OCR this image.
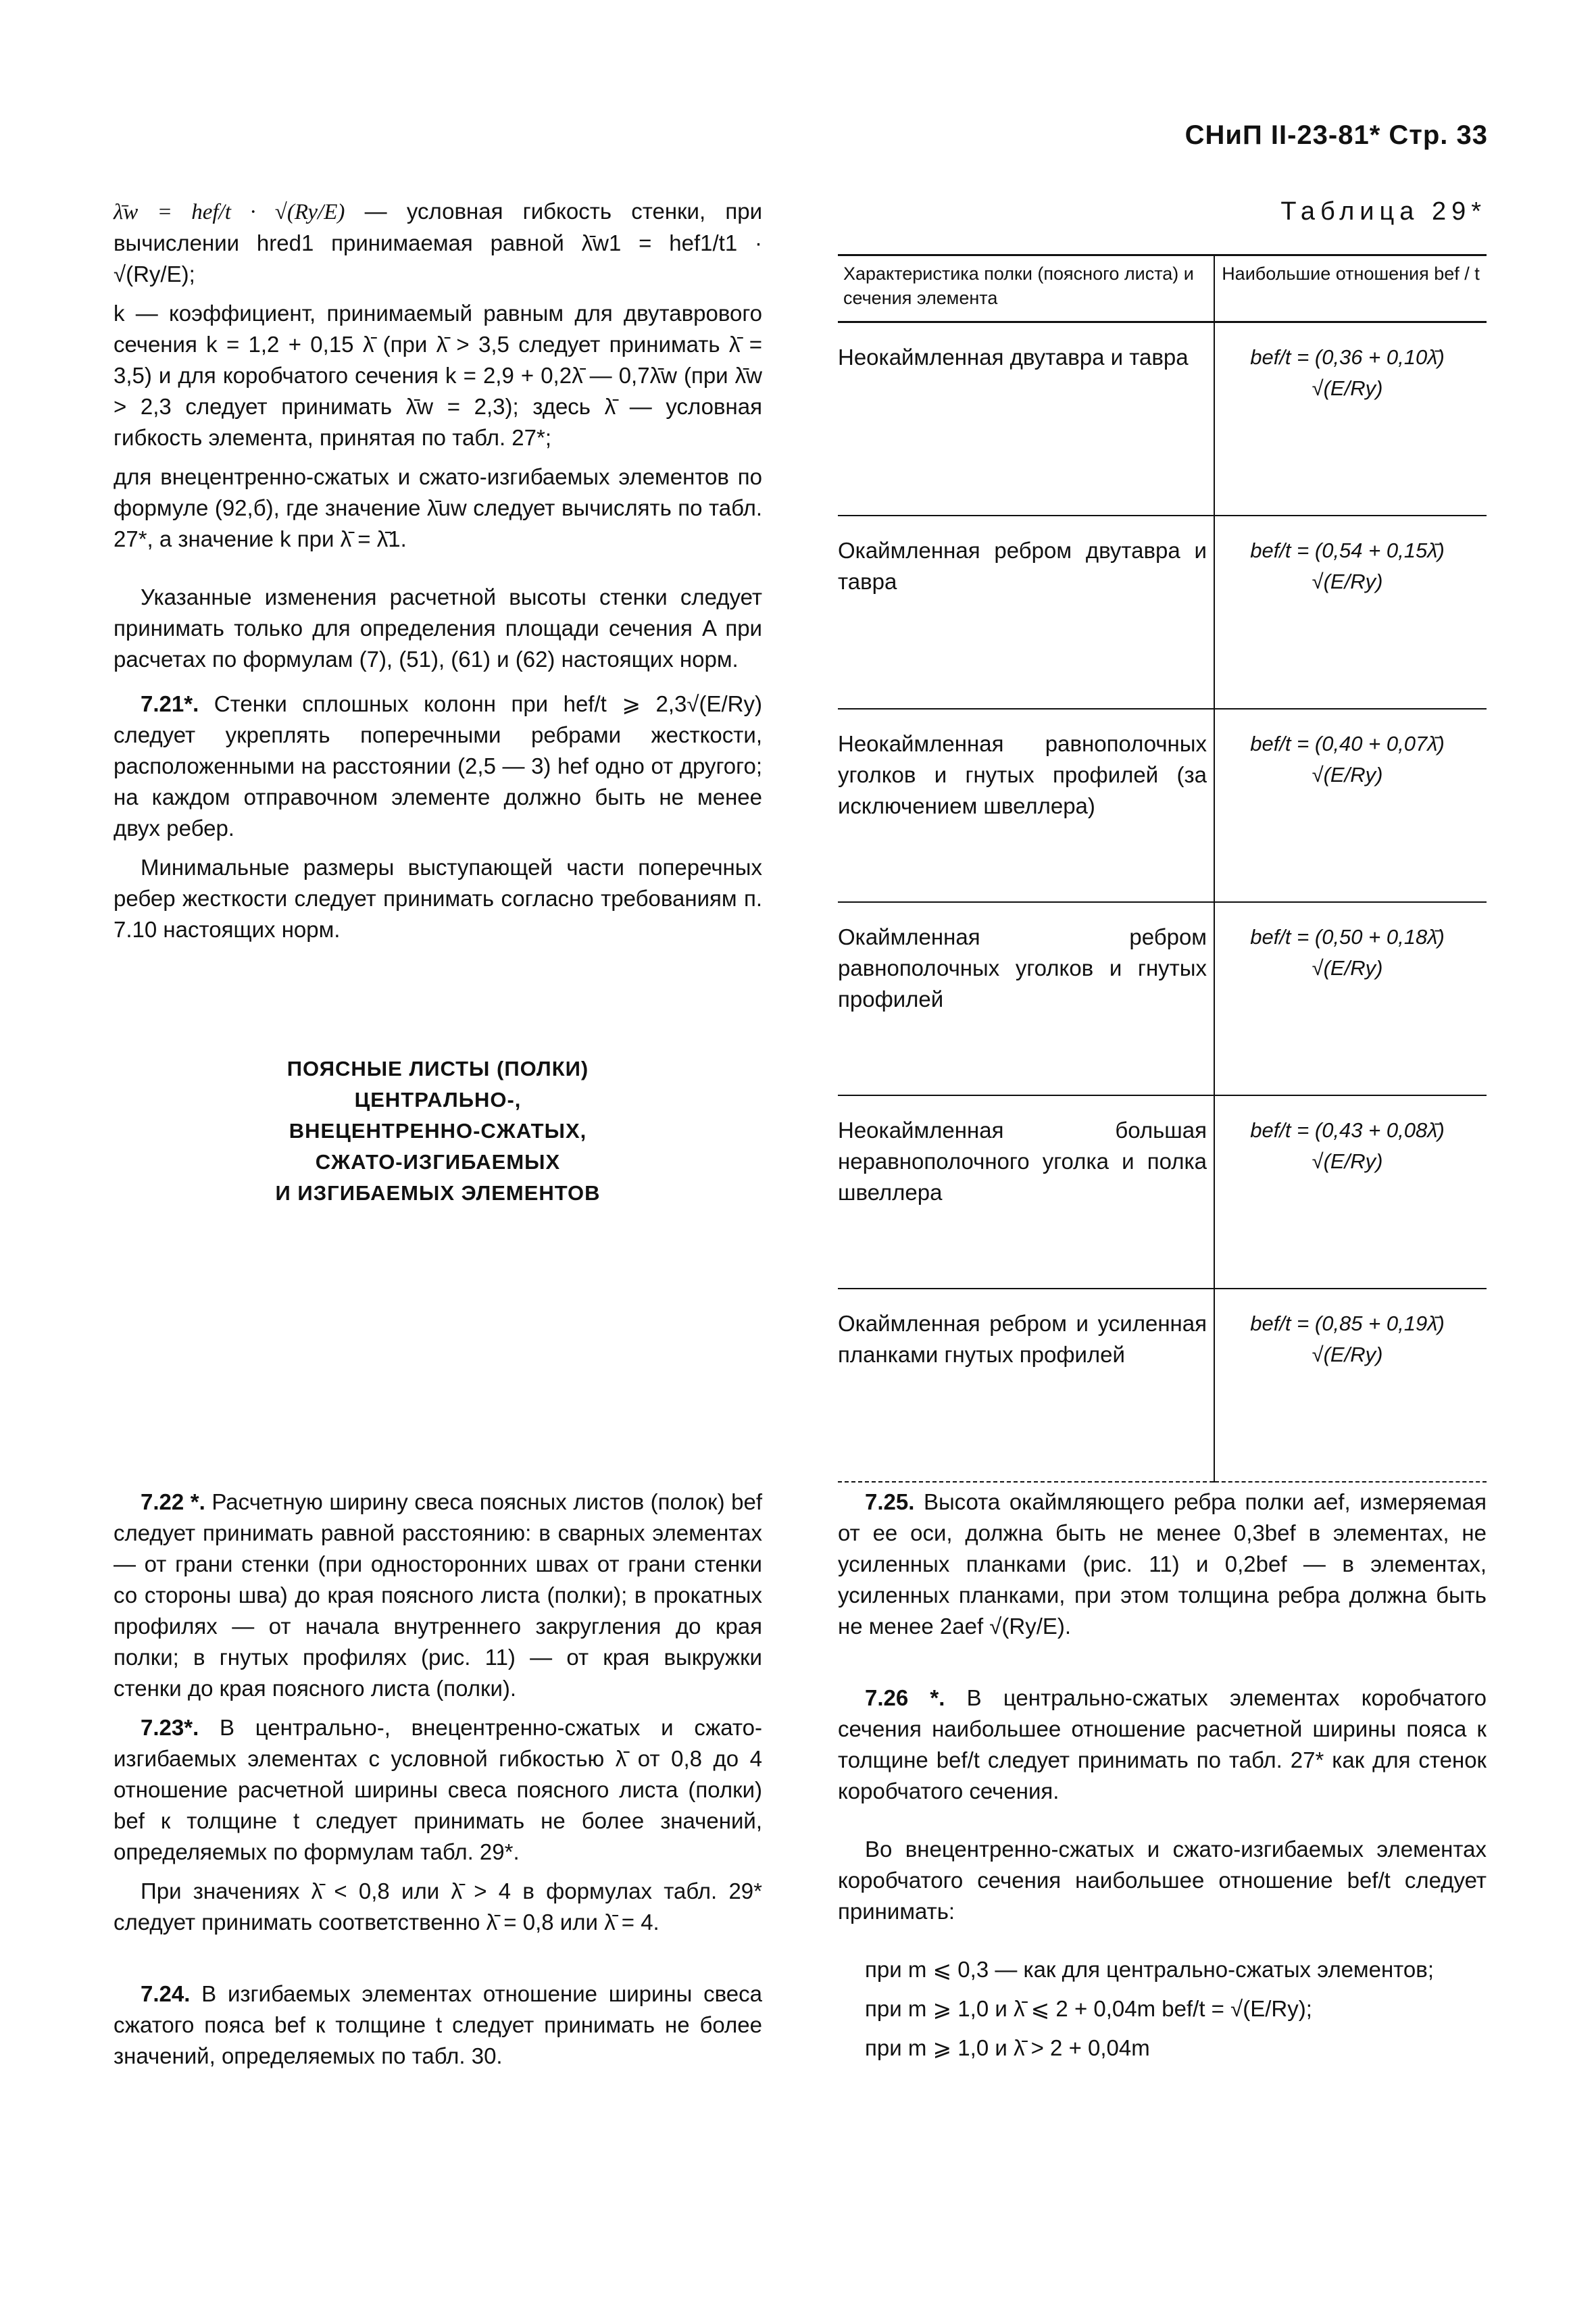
СНиП II-23-81* Стр. 33

λ̄w = hef/t · √(Ry/E) — условная гибкость стенки, при вычислении hred1 принимаемая равной λ̄w1 = hef1/t1 · √(Ry/E);

k — коэффициент, принимаемый равным для двутаврового сечения k = 1,2 + 0,15 λ̄ (при λ̄ > 3,5 следует принимать λ̄ = 3,5) и для коробчатого сечения k = 2,9 + 0,2λ̄ — 0,7λ̄w (при λ̄w > 2,3 следует принимать λ̄w = 2,3); здесь λ̄ — условная гибкость элемента, принятая по табл. 27*;

для внецентренно-сжатых и сжато-изгибаемых элементов по формуле (92,б), где значение λ̄uw следует вычислять по табл. 27*, а значение k при λ̄ = λ̄1.

Указанные изменения расчетной высоты стенки следует принимать только для определения площади сечения A при расчетах по формулам (7), (51), (61) и (62) настоящих норм.

7.21*. Стенки сплошных колонн при hef/t ⩾ 2,3√(E/Ry) следует укреплять поперечными ребрами жесткости, расположенными на расстоянии (2,5 — 3) hef одно от другого; на каждом отправочном элементе должно быть не менее двух ребер.

Минимальные размеры выступающей части поперечных ребер жесткости следует принимать согласно требованиям п. 7.10 настоящих норм.

ПОЯСНЫЕ ЛИСТЫ (ПОЛКИ)
ЦЕНТРАЛЬНО-,
ВНЕЦЕНТРЕННО-СЖАТЫХ,
СЖАТО-ИЗГИБАЕМЫХ
И ИЗГИБАЕМЫХ ЭЛЕМЕНТОВ
Таблица 29*
Характеристика полки (поясного листа) и сечения элемента	Наибольшие отношения bef / t
Неокаймленная двутавра и тавра	bef/t = (0,36 + 0,10λ̄) √(E/Ry)
Окаймленная ребром двутавра и тавра	bef/t = (0,54 + 0,15λ̄) √(E/Ry)
Неокаймленная равнополочных уголков и гнутых профилей (за исключением швеллера)	bef/t = (0,40 + 0,07λ̄) √(E/Ry)
Окаймленная ребром равнополочных уголков и гнутых профилей	bef/t = (0,50 + 0,18λ̄) √(E/Ry)
Неокаймленная большая неравнополочного уголка и полка швеллера	bef/t = (0,43 + 0,08λ̄) √(E/Ry)
Окаймленная ребром и усиленная планками гнутых профилей	bef/t = (0,85 + 0,19λ̄) √(E/Ry)

7.22 *. Расчетную ширину свеса поясных листов (полок) bef следует принимать равной расстоянию: в сварных элементах — от грани стенки (при односторонних швах от грани стенки со стороны шва) до края поясного листа (полки); в прокатных профилях — от начала внутреннего закругления до края полки; в гнутых профилях (рис. 11) — от края выкружки стенки до края поясного листа (полки).

7.23*. В центрально-, внецентренно-сжатых и сжато-изгибаемых элементах с условной гибкостью λ̄ от 0,8 до 4 отношение расчетной ширины свеса поясного листа (полки) bef к толщине t следует принимать не более значений, определяемых по формулам табл. 29*.

При значениях λ̄ < 0,8 или λ̄ > 4 в формулах табл. 29* следует принимать соответственно λ̄ = 0,8 или λ̄ = 4.

7.24. В изгибаемых элементах отношение ширины свеса сжатого пояса bef к толщине t следует принимать не более значений, определяемых по табл. 30.

7.25. Высота окаймляющего ребра полки aef, измеряемая от ее оси, должна быть не менее 0,3bef в элементах, не усиленных планками (рис. 11) и 0,2bef — в элементах, усиленных планками, при этом толщина ребра должна быть не менее 2aef √(Ry/E).

7.26 *. В центрально-сжатых элементах коробчатого сечения наибольшее отношение расчетной ширины пояса к толщине bef/t следует принимать по табл. 27* как для стенок коробчатого сечения.

Во внецентренно-сжатых и сжато-изгибаемых элементах коробчатого сечения наибольшее отношение bef/t следует принимать:

при m ⩽ 0,3 — как для центрально-сжатых элементов;

при m ⩾ 1,0 и λ̄ ⩽ 2 + 0,04m bef/t = √(E/Ry);

при m ⩾ 1,0 и λ̄ > 2 + 0,04m
